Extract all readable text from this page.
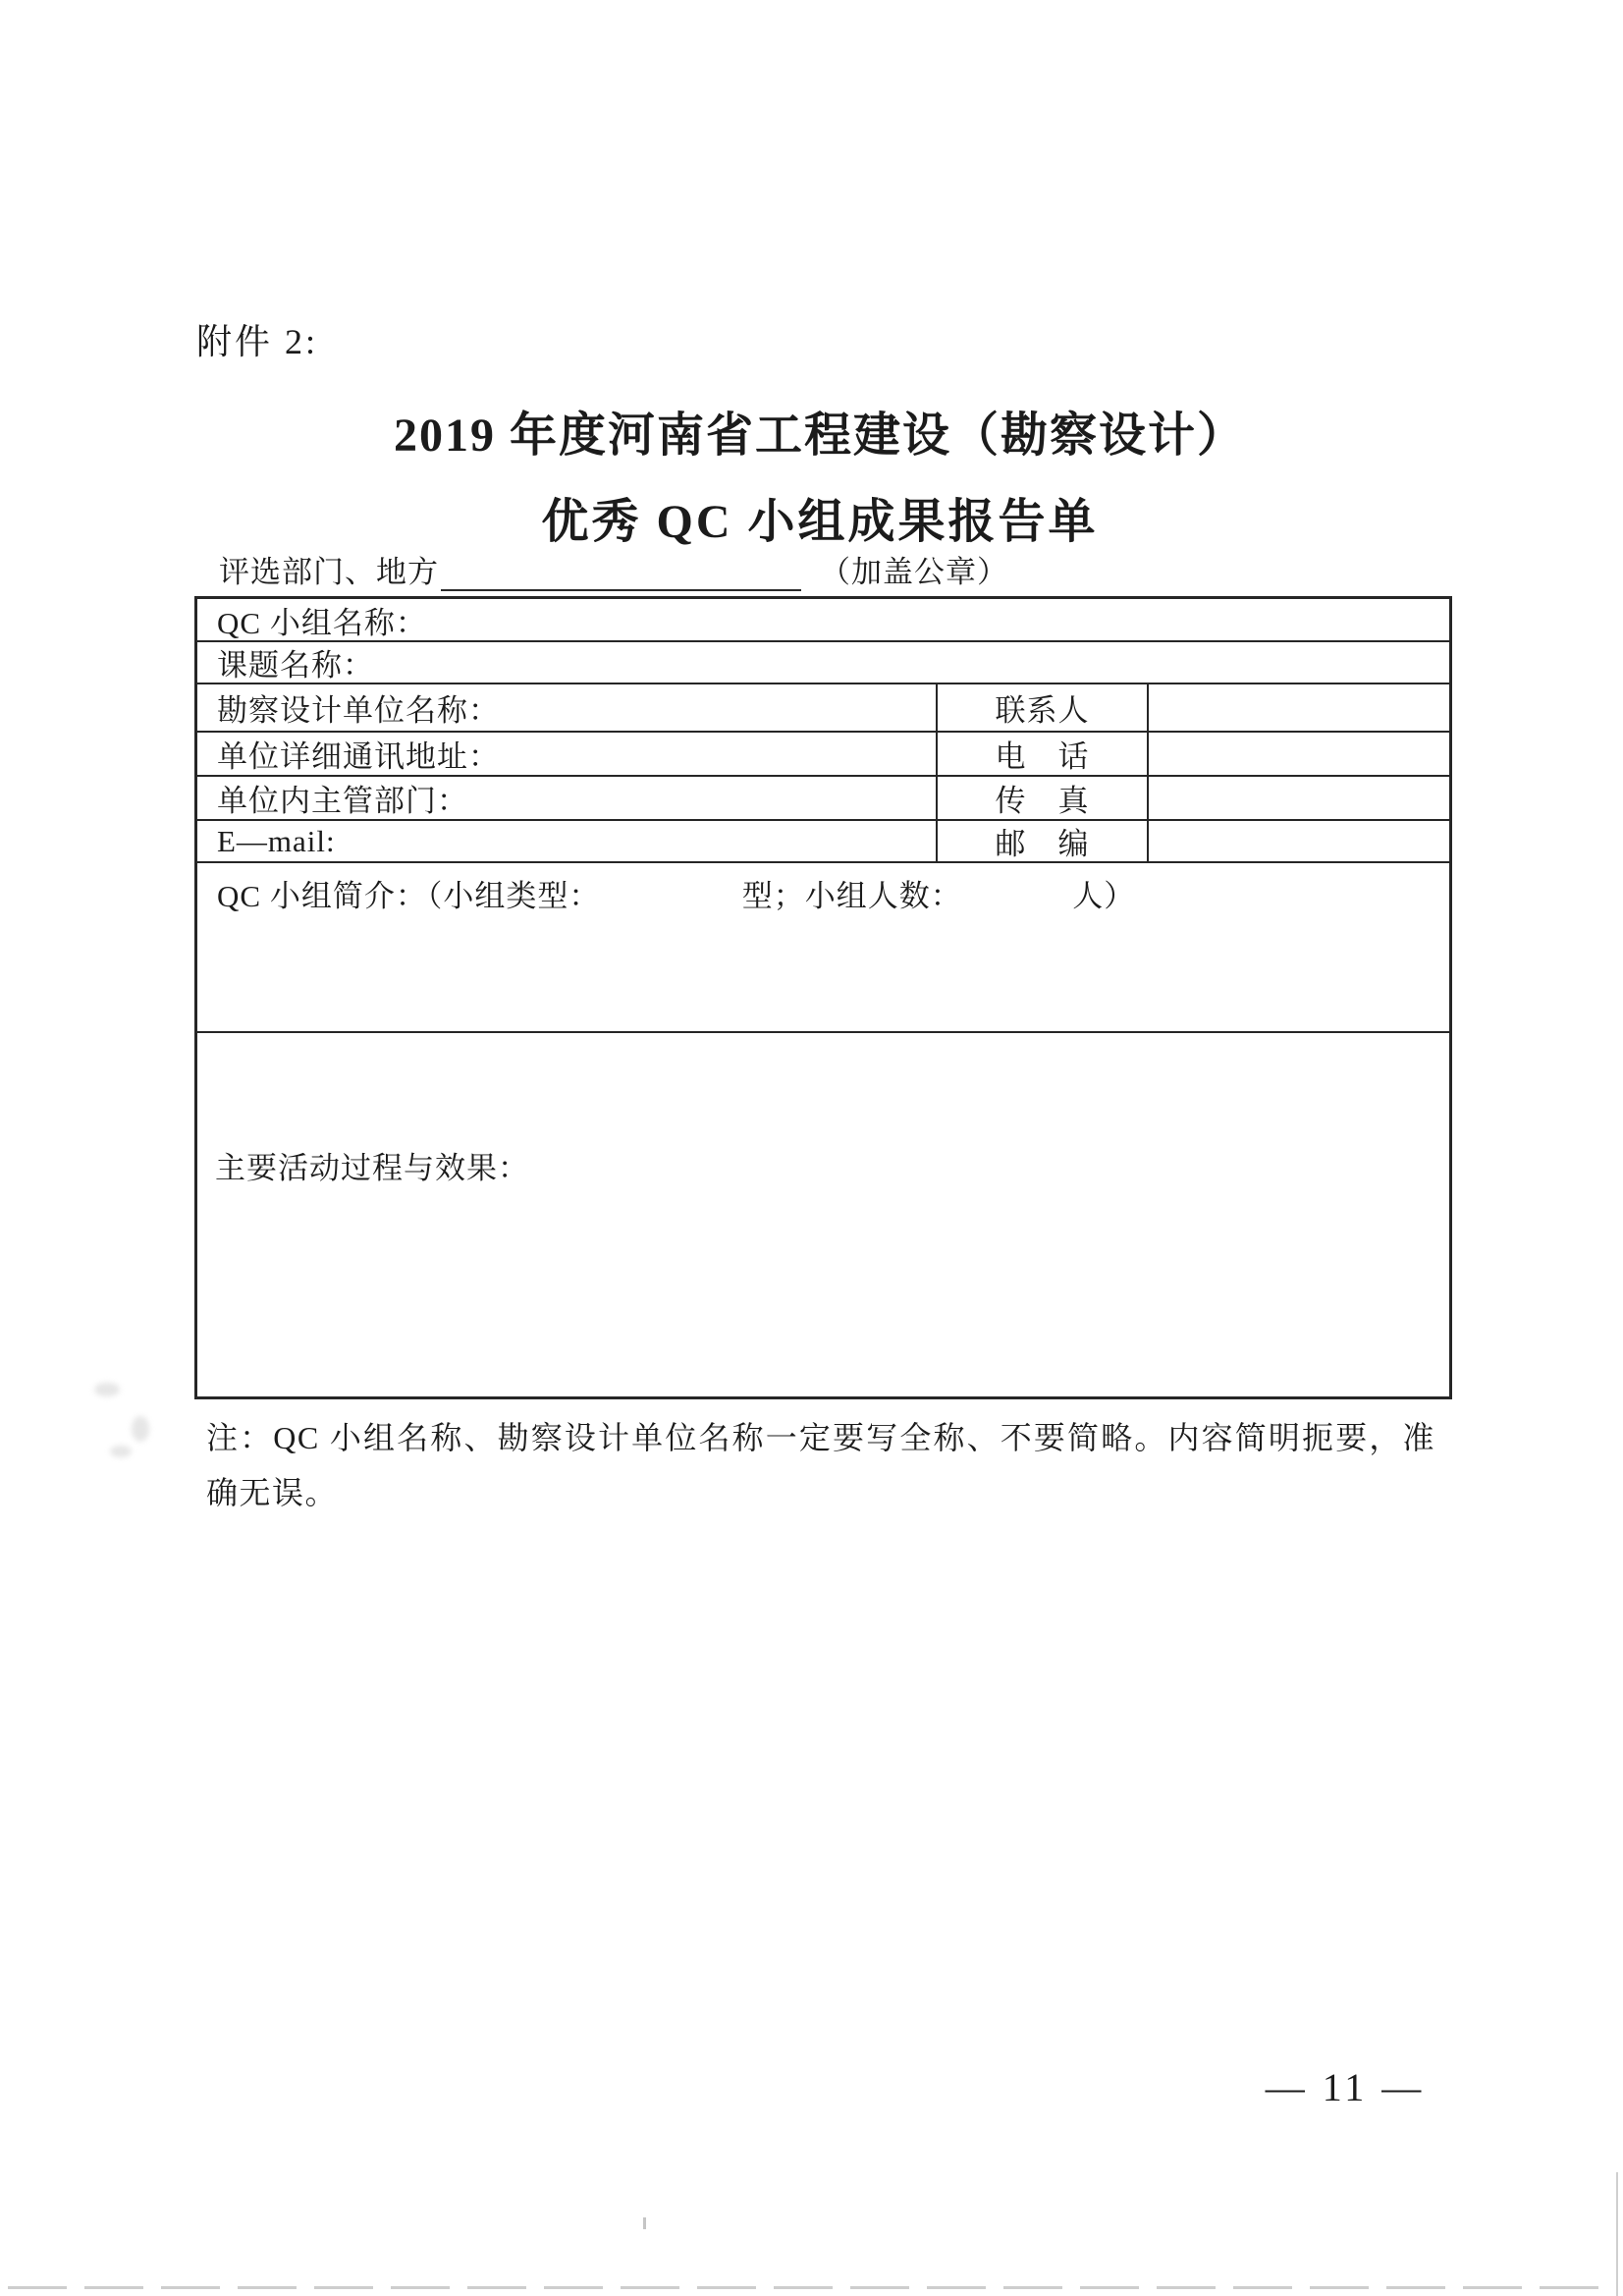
附件 2:
2019 年度河南省工程建设（勘察设计）
优秀 QC 小组成果报告单
评选部门、地方	（加盖公章）
QC 小组名称：
课题名称：
勘察设计单位名称：	联系人
单位详细通讯地址：	电　话
单位内主管部门：	传　真
E—mail:	邮　编
QC 小组简介：（小组类型：　　　　　型；小组人数：　　　　人）
主要活动过程与效果：
注：QC 小组名称、勘察设计单位名称一定要写全称、不要简略。内容简明扼要，准确无误。
— 11 —
